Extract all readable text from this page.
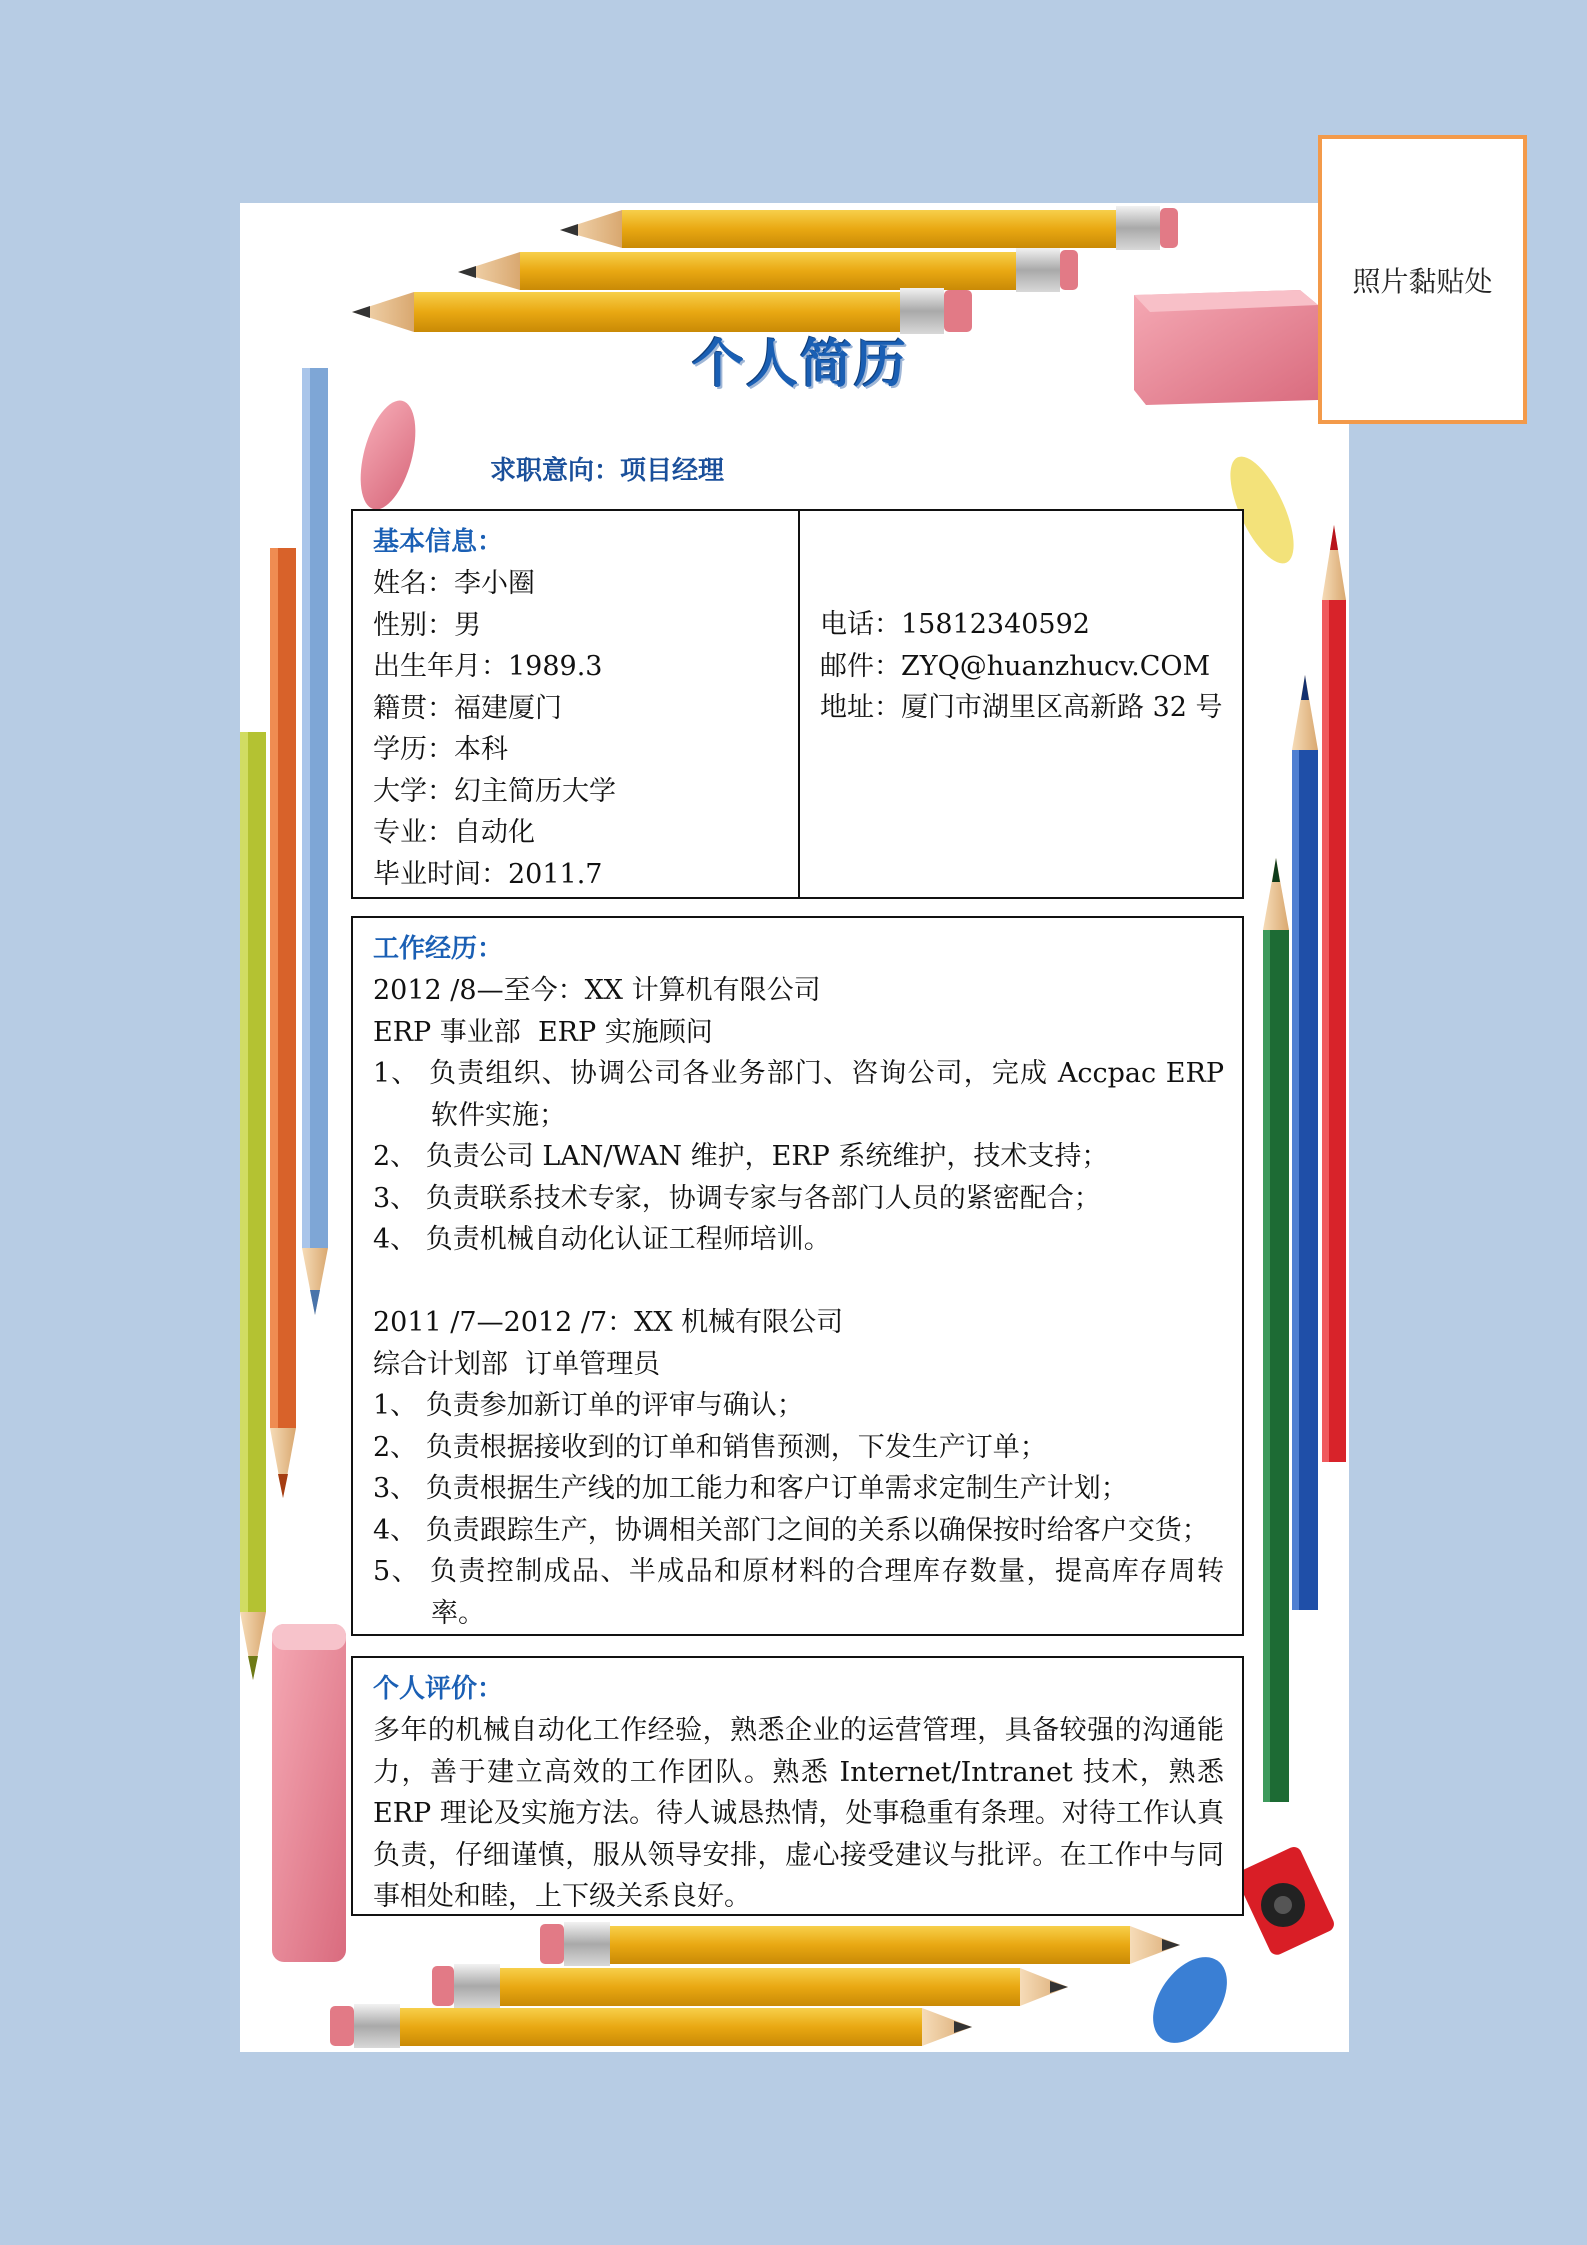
照片黏贴处
个人简历
求职意向：项目经理
基本信息：
姓名：李小圈
性别：男
出生年月：1989.3
籍贯：福建厦门
学历：本科
大学：幻主简历大学
专业：自动化
毕业时间：2011.7
电话：15812340592
邮件：ZYQ@huanzhucv.COM
地址：厦门市湖里区高新路 32 号
工作经历：
2012 /8—至今：XX 计算机有限公司
ERP 事业部  ERP 实施顾问
1、 负责组织、协调公司各业务部门、咨询公司，完成 Accpac ERP 软件实施；
2、 负责公司 LAN/WAN 维护，ERP 系统维护，技术支持；
3、 负责联系技术专家，协调专家与各部门人员的紧密配合；
4、 负责机械自动化认证工程师培训。

2011 /7—2012 /7：XX 机械有限公司
综合计划部  订单管理员
1、 负责参加新订单的评审与确认；
2、 负责根据接收到的订单和销售预测，下发生产订单；
3、 负责根据生产线的加工能力和客户订单需求定制生产计划；
4、 负责跟踪生产，协调相关部门之间的关系以确保按时给客户交货；
5、 负责控制成品、半成品和原材料的合理库存数量，提高库存周转率。
个人评价：
多年的机械自动化工作经验，熟悉企业的运营管理，具备较强的沟通能力，善于建立高效的工作团队。熟悉 Internet/Intranet 技术，熟悉 ERP 理论及实施方法。待人诚恳热情，处事稳重有条理。对待工作认真负责，仔细谨慎，服从领导安排，虚心接受建议与批评。在工作中与同事相处和睦，上下级关系良好。
